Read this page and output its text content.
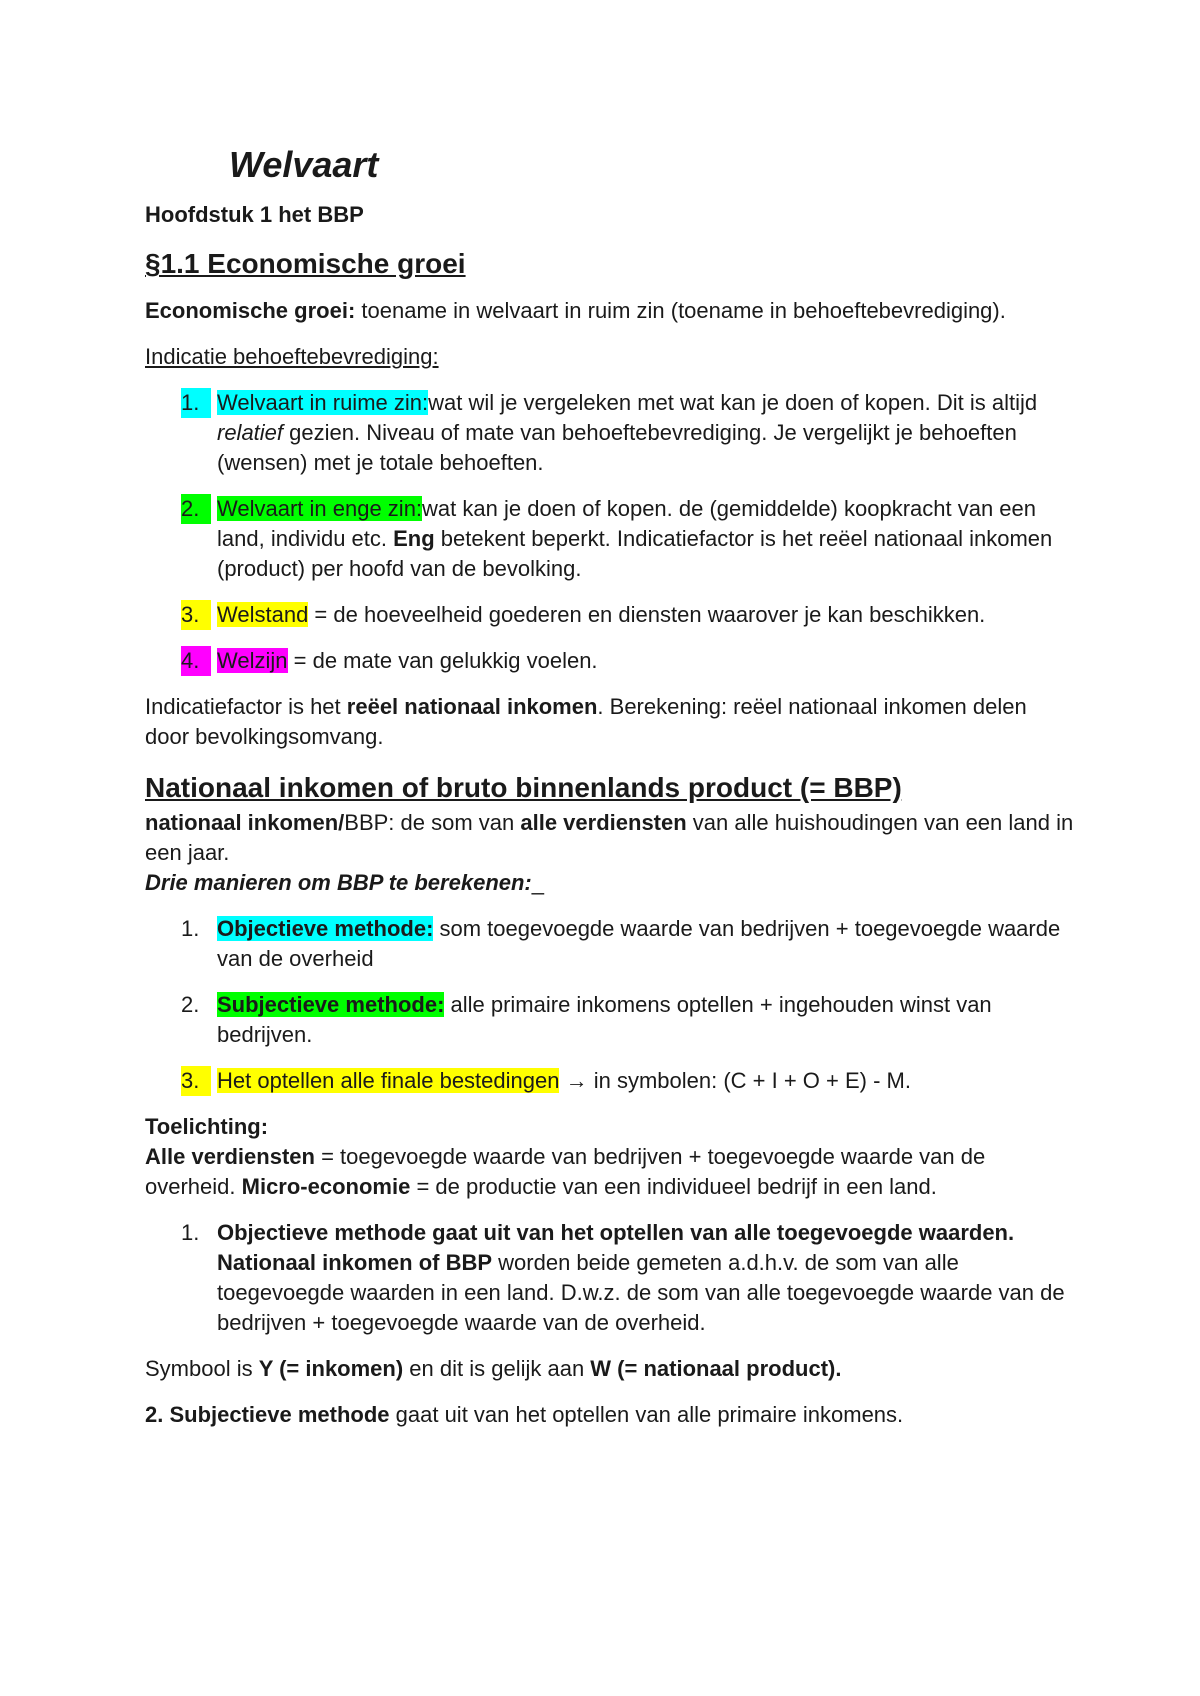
Welvaart
Hoofdstuk 1 het BBP
§1.1 Economische groei

Economische groei: toename in welvaart in ruim zin (toename in behoeftebevrediging).

Indicatie behoeftebevrediging:

1. Welvaart in ruime zin:wat wil je vergeleken met wat kan je doen of kopen. Dit is altijd relatief gezien. Niveau of mate van behoeftebevrediging. Je vergelijkt je behoeften (wensen) met je totale behoeften.
2. Welvaart in enge zin:wat kan je doen of kopen. de (gemiddelde) koopkracht van een land, individu etc. Eng betekent beperkt. Indicatiefactor is het reëel nationaal inkomen (product) per hoofd van de bevolking.
3. Welstand = de hoeveelheid goederen en diensten waarover je kan beschikken.
4. Welzijn = de mate van gelukkig voelen.

Indicatiefactor is het reëel nationaal inkomen. Berekening: reëel nationaal inkomen delen door bevolkingsomvang.

Nationaal inkomen of bruto binnenlands product (= BBP)

nationaal inkomen/BBP: de som van alle verdiensten van alle huishoudingen van een land in een jaar.

Drie manieren om BBP te berekenen:_

1. Objectieve methode: som toegevoegde waarde van bedrijven + toegevoegde waarde van de overheid
2. Subjectieve methode: alle primaire inkomens optellen + ingehouden winst van bedrijven.
3. Het optellen alle finale bestedingen → in symbolen: (C + I + O + E) - M.

Toelichting:

Alle verdiensten = toegevoegde waarde van bedrijven + toegevoegde waarde van de overheid. Micro-economie = de productie van een individueel bedrijf in een land.

1. Objectieve methode gaat uit van het optellen van alle toegevoegde waarden. Nationaal inkomen of BBP worden beide gemeten a.d.h.v. de som van alle toegevoegde waarden in een land. D.w.z. de som van alle toegevoegde waarde van de bedrijven + toegevoegde waarde van de overheid.

Symbool is Y (= inkomen) en dit is gelijk aan W (= nationaal product).

2. Subjectieve methode gaat uit van het optellen van alle primaire inkomens.
